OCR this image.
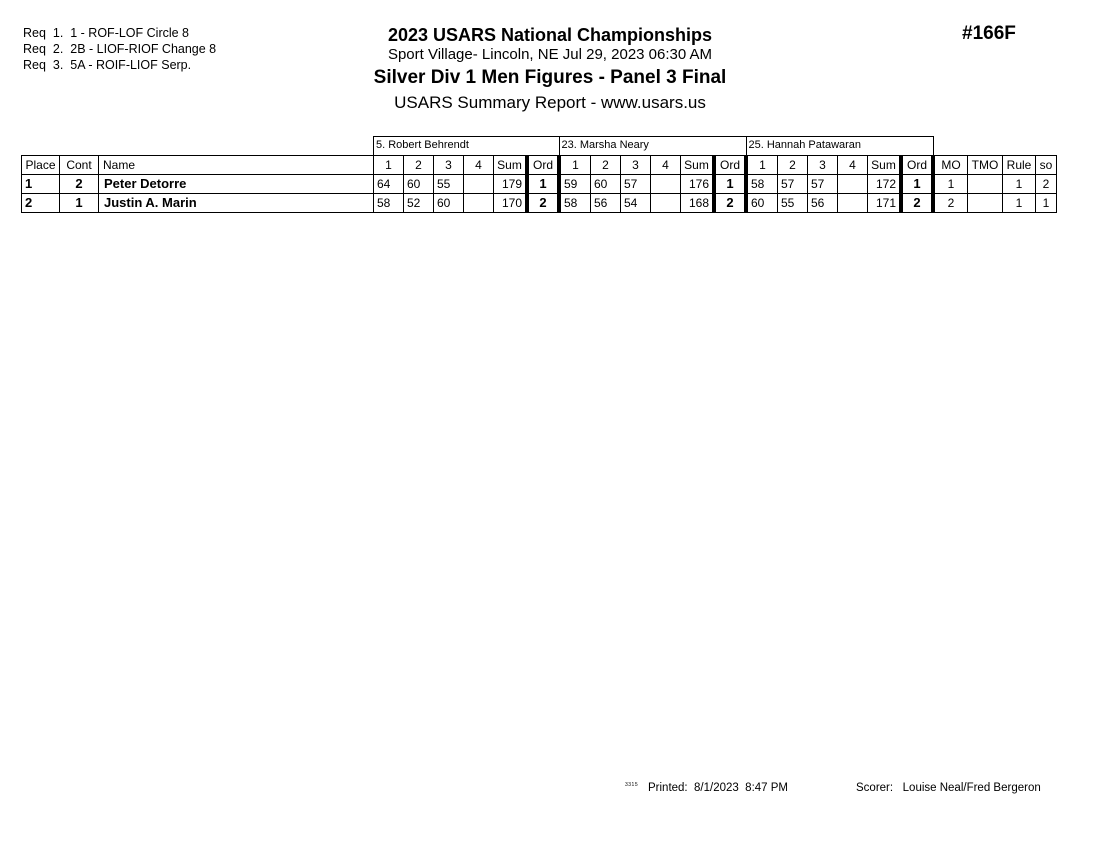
Req  1.  1 - ROF-LOF Circle 8
Req  2.  2B - LIOF-RIOF Change 8
Req  3.  5A - ROIF-LIOF Serp.
2023 USARS National Championships
Sport Village- Lincoln, NE Jul 29, 2023 06:30 AM
Silver Div 1 Men Figures - Panel 3 Final
USARS Summary Report - www.usars.us
#166F
			5. Robert Behrendt						23. Marsha Neary						25. Hannah Patawaran									
Place	Cont	Name	1	2	3	4	Sum	Ord	1	2	3	4	Sum	Ord	1	2	3	4	Sum	Ord	MO	TMO	Rule	so
1	2	Peter Detorre	64	60	55		179	1	59	60	57		176	1	58	57	57		172	1	1		1	2
2	1	Justin A. Marin	58	52	60		170	2	58	56	54		168	2	60	55	56		171	2	2		1	1
3315 Printed:  8/1/2023  8:47 PM	Scorer:   Louise Neal/Fred Bergeron
